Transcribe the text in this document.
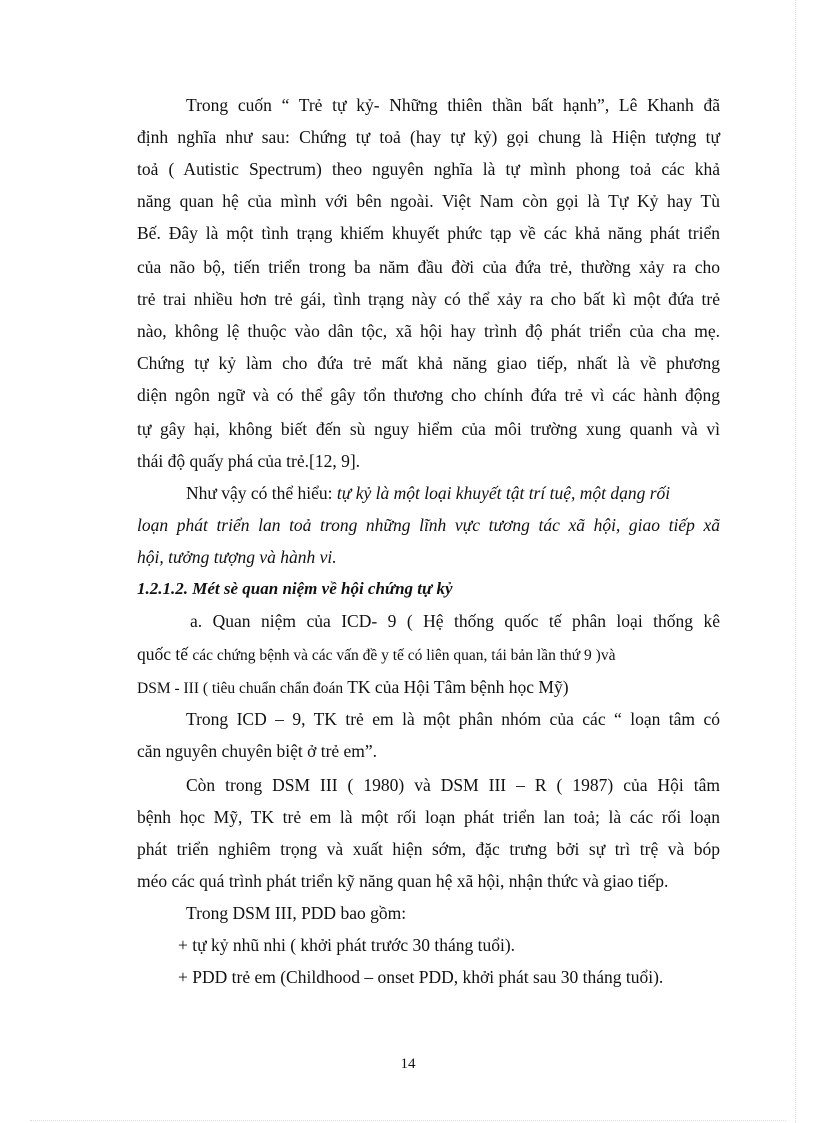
Trong cuốn “ Trẻ tự kỷ- Những thiên thần bất hạnh”, Lê Khanh đã
định nghĩa như sau: Chứng tự toả (hay tự kỷ) gọi chung là Hiện tượng tự
toả ( Autistic Spectrum) theo nguyên nghĩa là tự mình phong toả các khả
năng quan hệ của mình với bên ngoài. Việt Nam còn gọi là Tự Kỷ hay Tù
Bế. Đây là một tình trạng khiếm khuyết phức tạp về các khả năng phát triển
của não bộ, tiến triển trong ba năm đầu đời của đứa trẻ, thường xảy ra cho
trẻ trai nhiều hơn trẻ gái, tình trạng này có thể xảy ra cho bất kì một đứa trẻ
nào, không lệ thuộc vào dân tộc, xã hội hay trình độ phát triển của cha mẹ.
Chứng tự kỷ làm cho đứa trẻ mất khả năng giao tiếp, nhất là về phương
diện ngôn ngữ và có thể gây tổn thương cho chính đứa trẻ vì các hành động
tự gây hại, không biết đến sù nguy hiểm của môi trường xung quanh và vì
thái độ quấy phá của trẻ.[12, 9].
Như vậy có thể hiểu: tự kỷ là một loại khuyết tật trí tuệ, một dạng rối
loạn phát triển lan toả trong những lĩnh vực tương tác xã hội, giao tiếp xã
hội, tưởng tượng và hành vi.
1.2.1.2. Mét sè quan niệm về hội chứng tự kỷ
a. Quan niệm của ICD- 9 ( Hệ thống quốc tế phân loại thống kê
quốc tế các chứng bệnh và các vấn đề y tế có liên quan, tái bản lần thứ 9 )và
DSM - III ( tiêu chuẩn chẩn đoán TK của Hội Tâm bệnh học Mỹ)
Trong ICD – 9, TK trẻ em là một phân nhóm của các “ loạn tâm có
căn nguyên chuyên biệt ở trẻ em”.
Còn trong DSM III ( 1980) và DSM III – R ( 1987) của Hội tâm
bệnh học Mỹ, TK trẻ em là một rối loạn phát triển lan toả; là các rối loạn
phát triển nghiêm trọng và xuất hiện sớm, đặc trưng bởi sự trì trệ và bóp
méo các quá trình phát triển kỹ năng quan hệ xã hội, nhận thức và giao tiếp.
Trong DSM III, PDD bao gồm:
+ tự kỷ nhũ nhi ( khởi phát trước 30 tháng tuổi).
+ PDD trẻ em (Childhood – onset PDD, khởi phát sau 30 tháng tuổi).
14
